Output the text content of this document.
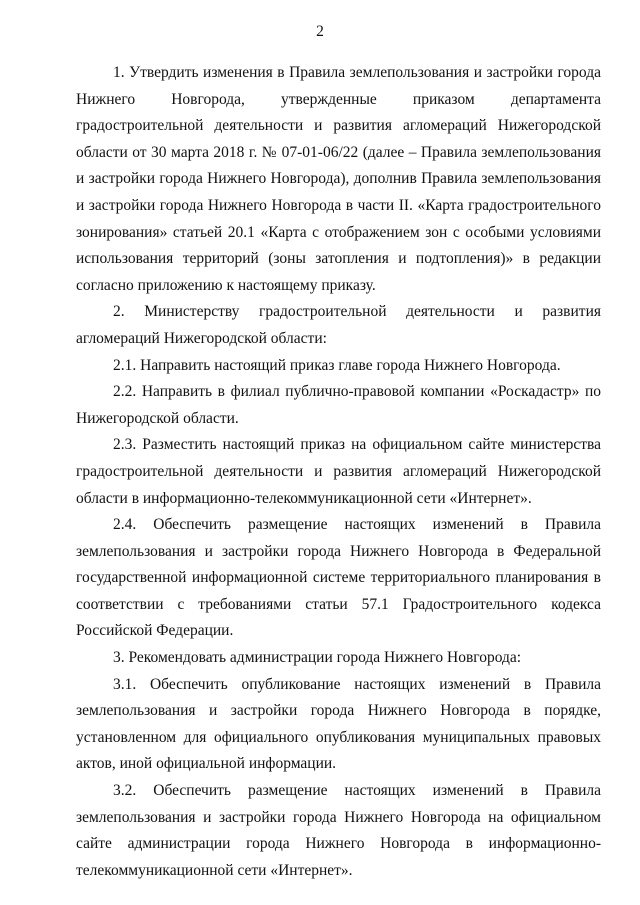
2

1. Утвердить изменения в Правила землепользования и застройки города Нижнего Новгорода, утвержденные приказом департамента градостроительной деятельности и развития агломераций Нижегородской области от 30 марта 2018 г. № 07-01-06/22 (далее – Правила землепользования и застройки города Нижнего Новгорода), дополнив Правила землепользования и застройки города Нижнего Новгорода в части II. «Карта градостроительного зонирования» статьей 20.1 «Карта с отображением зон с особыми условиями использования территорий (зоны затопления и подтопления)» в редакции согласно приложению к настоящему приказу.

2. Министерству градостроительной деятельности и развития агломераций Нижегородской области:

2.1. Направить настоящий приказ главе города Нижнего Новгорода.

2.2. Направить в филиал публично-правовой компании «Роскадастр» по Нижегородской области.

2.3. Разместить настоящий приказ на официальном сайте министерства градостроительной деятельности и развития агломераций Нижегородской области в информационно-телекоммуникационной сети «Интернет».

2.4. Обеспечить размещение настоящих изменений в Правила землепользования и застройки города Нижнего Новгорода в Федеральной государственной информационной системе территориального планирования в соответствии с требованиями статьи 57.1 Градостроительного кодекса Российской Федерации.

3. Рекомендовать администрации города Нижнего Новгорода:

3.1. Обеспечить опубликование настоящих изменений в Правила землепользования и застройки города Нижнего Новгорода в порядке, установленном для официального опубликования муниципальных правовых актов, иной официальной информации.

3.2. Обеспечить размещение настоящих изменений в Правила землепользования и застройки города Нижнего Новгорода на официальном сайте администрации города Нижнего Новгорода в информационно-телекоммуникационной сети «Интернет».
